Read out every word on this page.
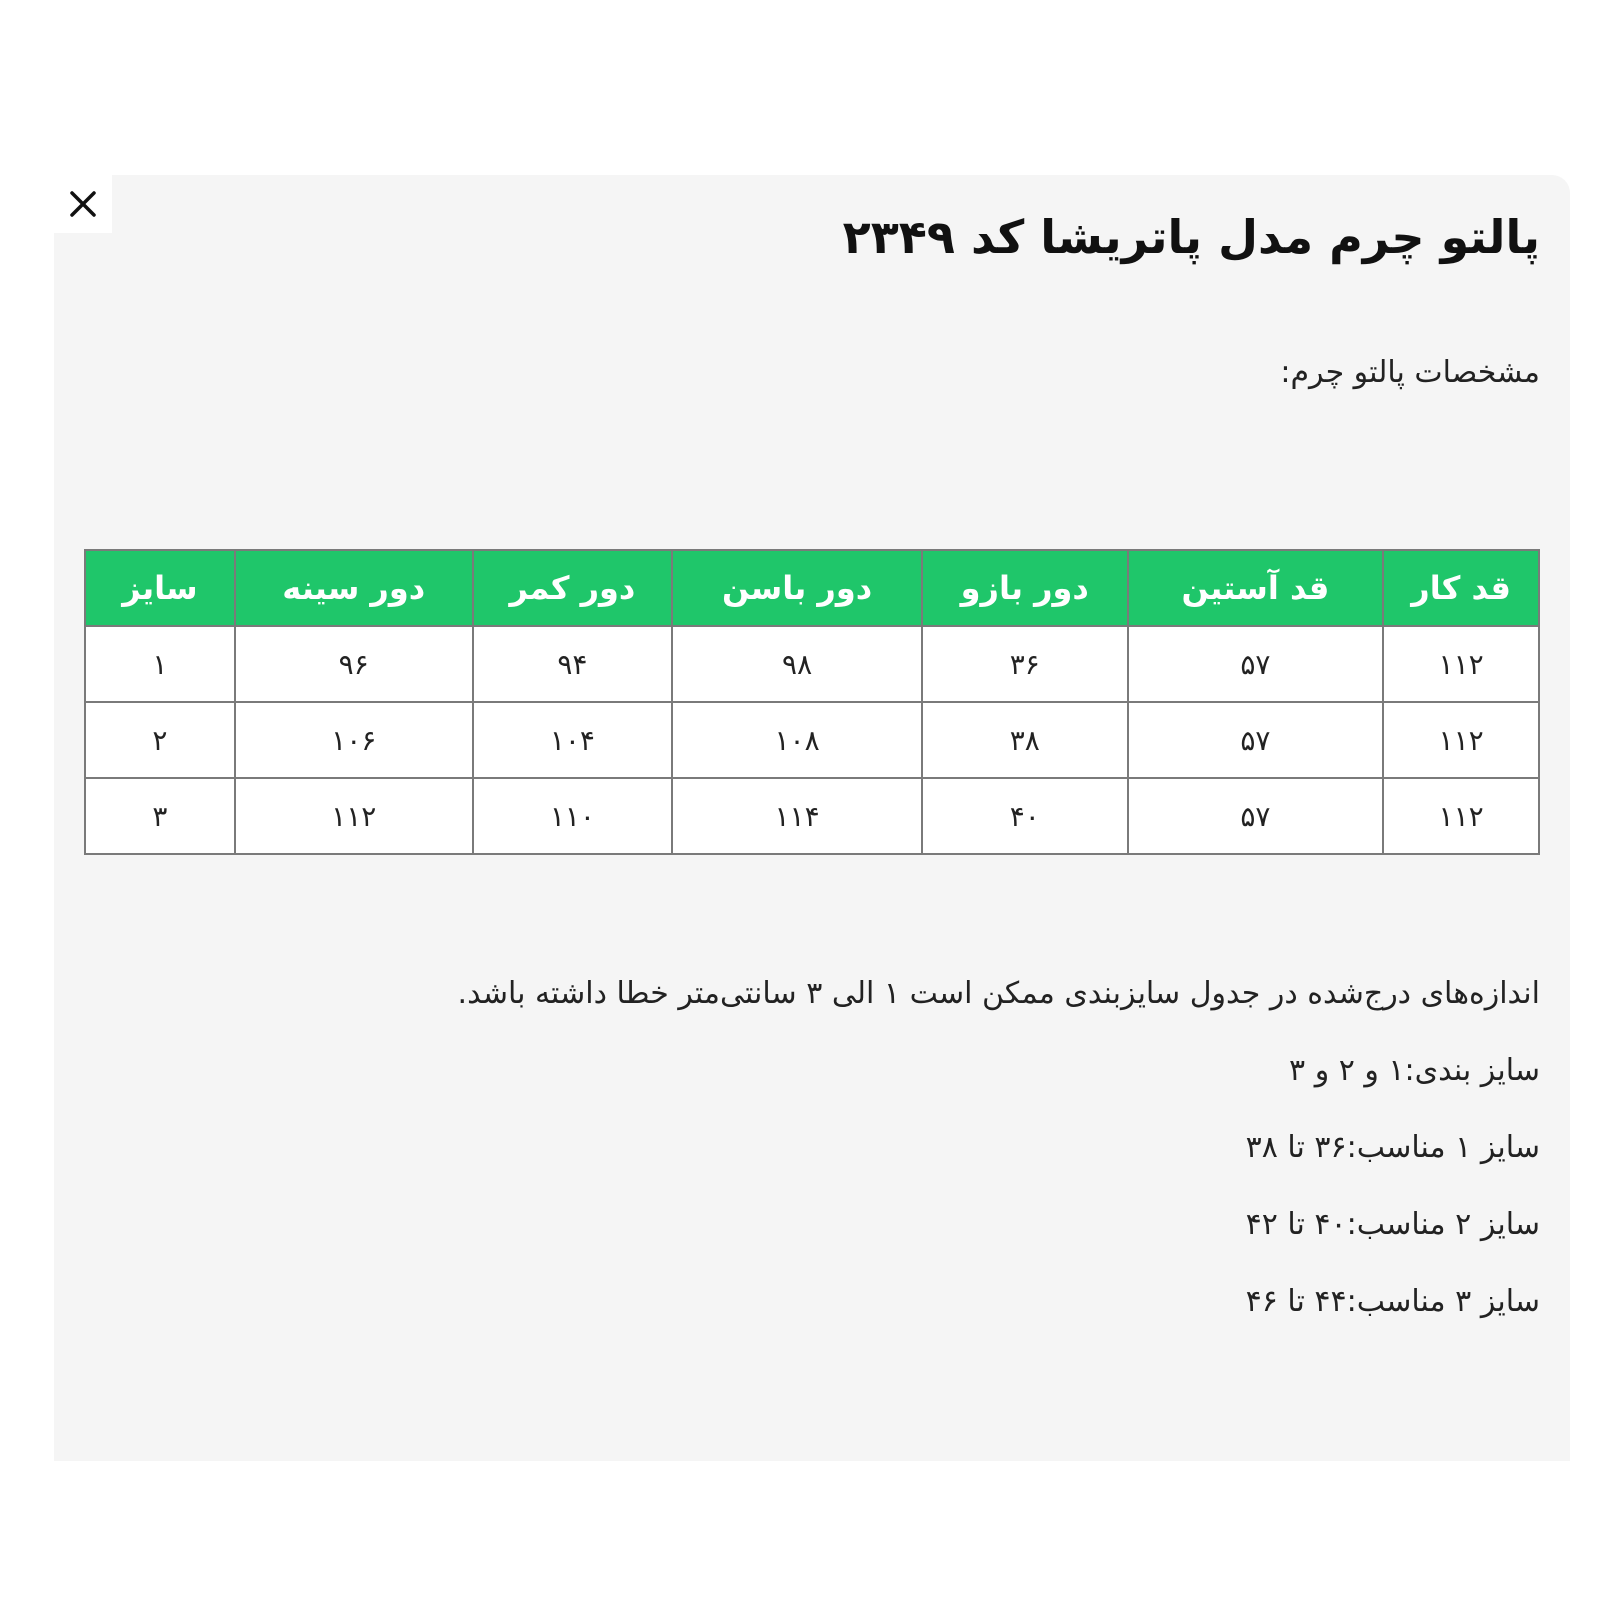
پالتو چرم مدل پاتریشا کد ۲۳۴۹
مشخصات پالتو چرم:
قد کار	قد آستین	دور بازو	دور باسن	دور کمر	دور سینه	سایز
۱۱۲	۵۷	۳۶	۹۸	۹۴	۹۶	۱
۱۱۲	۵۷	۳۸	۱۰۸	۱۰۴	۱۰۶	۲
۱۱۲	۵۷	۴۰	۱۱۴	۱۱۰	۱۱۲	۳

اندازه‌های درج‌شده در جدول سایزبندی ممکن است ۱ الی ۳ سانتی‌متر خطا داشته باشد.

سایز بندی:۱ و ۲ و ۳

سایز ۱ مناسب:۳۶ تا ۳۸

سایز ۲ مناسب:۴۰ تا ۴۲

سایز ۳ مناسب:۴۴ تا ۴۶
